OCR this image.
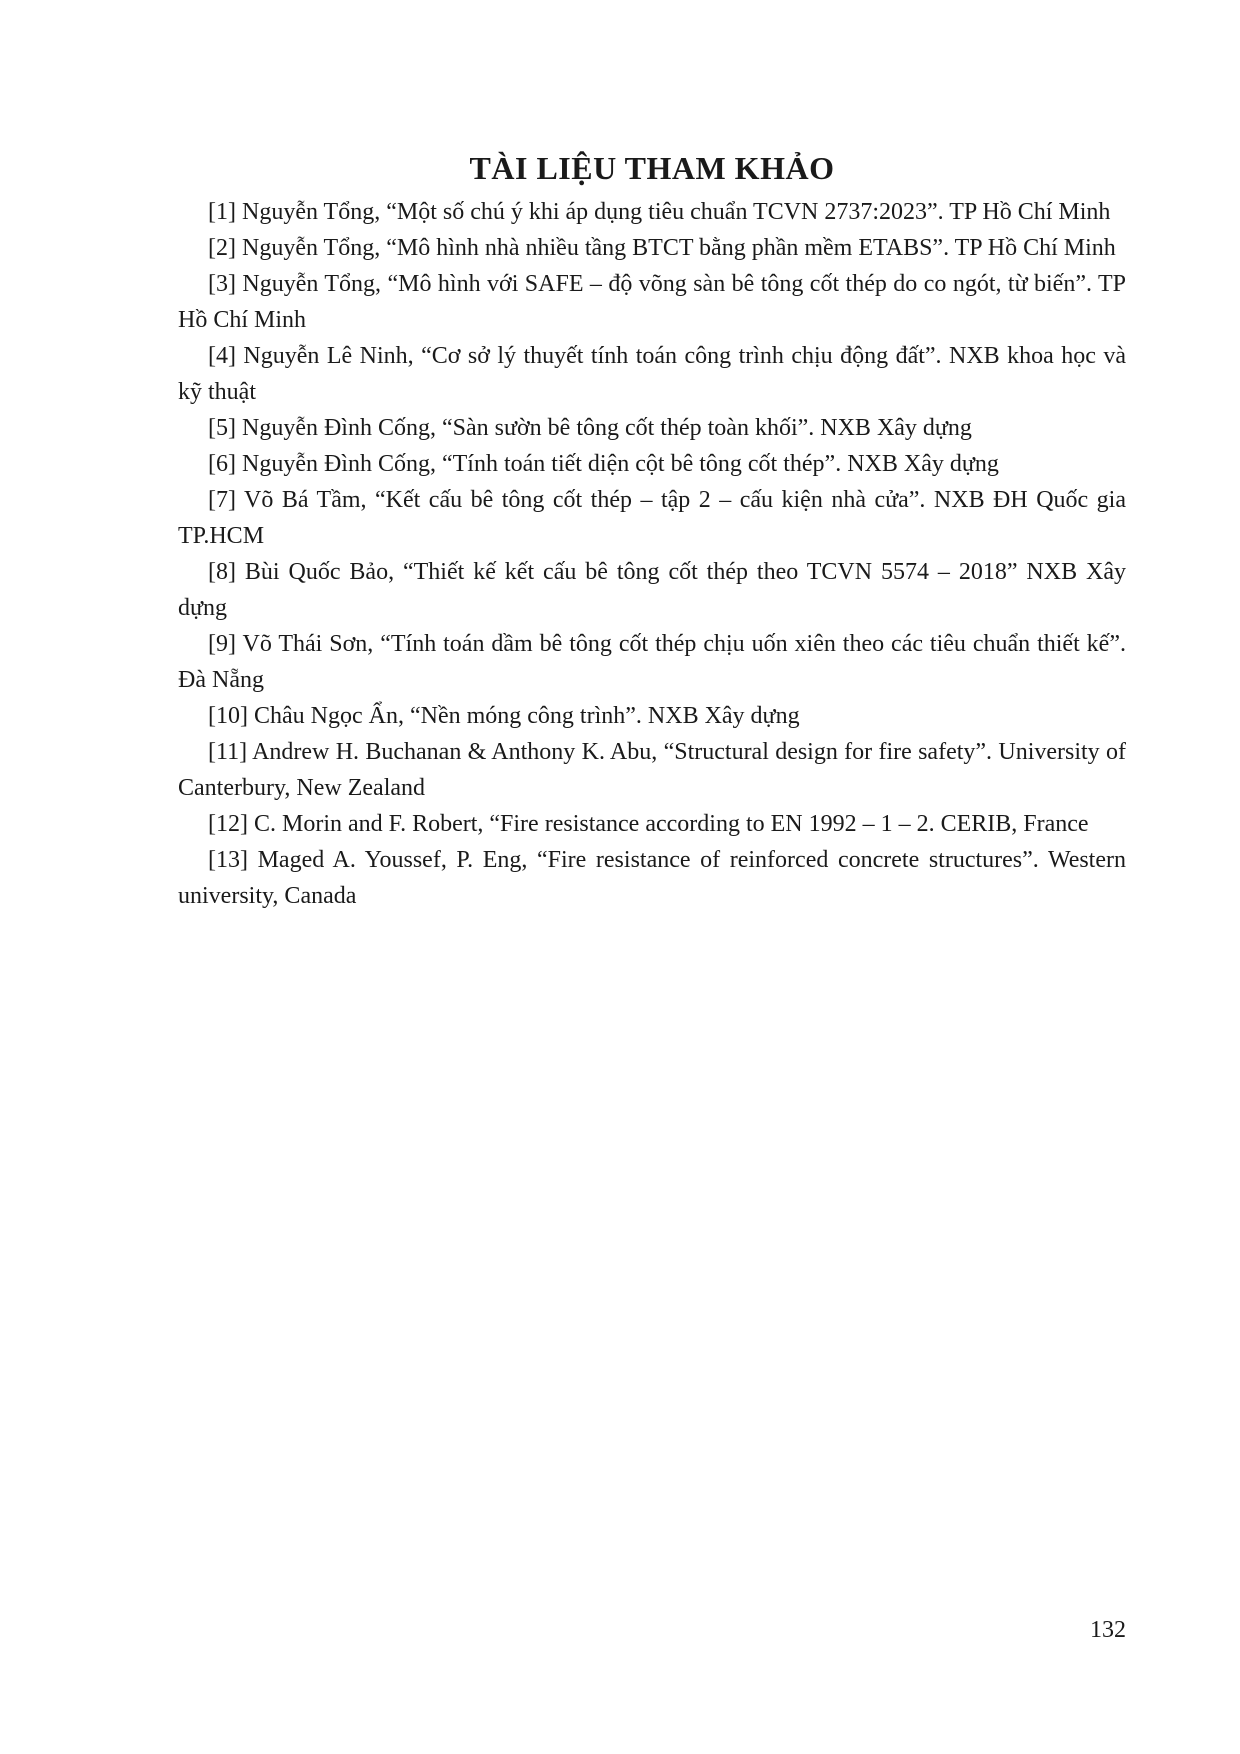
TÀI LIỆU THAM KHẢO
[1] Nguyễn Tổng, “Một số chú ý khi áp dụng tiêu chuẩn TCVN 2737:2023”. TP Hồ Chí Minh
[2] Nguyễn Tổng, “Mô hình nhà nhiều tầng BTCT bằng phần mềm ETABS”. TP Hồ Chí Minh
[3] Nguyễn Tổng, “Mô hình với SAFE – độ võng sàn bê tông cốt thép do co ngót, từ biến”. TP Hồ Chí Minh
[4] Nguyễn Lê Ninh, “Cơ sở lý thuyết tính toán công trình chịu động đất”. NXB khoa học và kỹ thuật
[5] Nguyễn Đình Cống, “Sàn sườn bê tông cốt thép toàn khối”. NXB Xây dựng
[6] Nguyễn Đình Cống, “Tính toán tiết diện cột bê tông cốt thép”. NXB Xây dựng
[7] Võ Bá Tầm, “Kết cấu bê tông cốt thép – tập 2 – cấu kiện nhà cửa”. NXB ĐH Quốc gia TP.HCM
[8] Bùi Quốc Bảo, “Thiết kế kết cấu bê tông cốt thép theo TCVN 5574 – 2018” NXB Xây dựng
[9] Võ Thái Sơn, “Tính toán dầm bê tông cốt thép chịu uốn xiên theo các tiêu chuẩn thiết kế”. Đà Nẵng
[10] Châu Ngọc Ẩn, “Nền móng công trình”. NXB Xây dựng
[11] Andrew H. Buchanan & Anthony K. Abu, “Structural design for fire safety”. University of Canterbury, New Zealand
[12] C. Morin and F. Robert, “Fire resistance according to EN 1992 – 1 – 2. CERIB, France
[13] Maged A. Youssef, P. Eng, “Fire resistance of reinforced concrete structures”. Western university, Canada
132
